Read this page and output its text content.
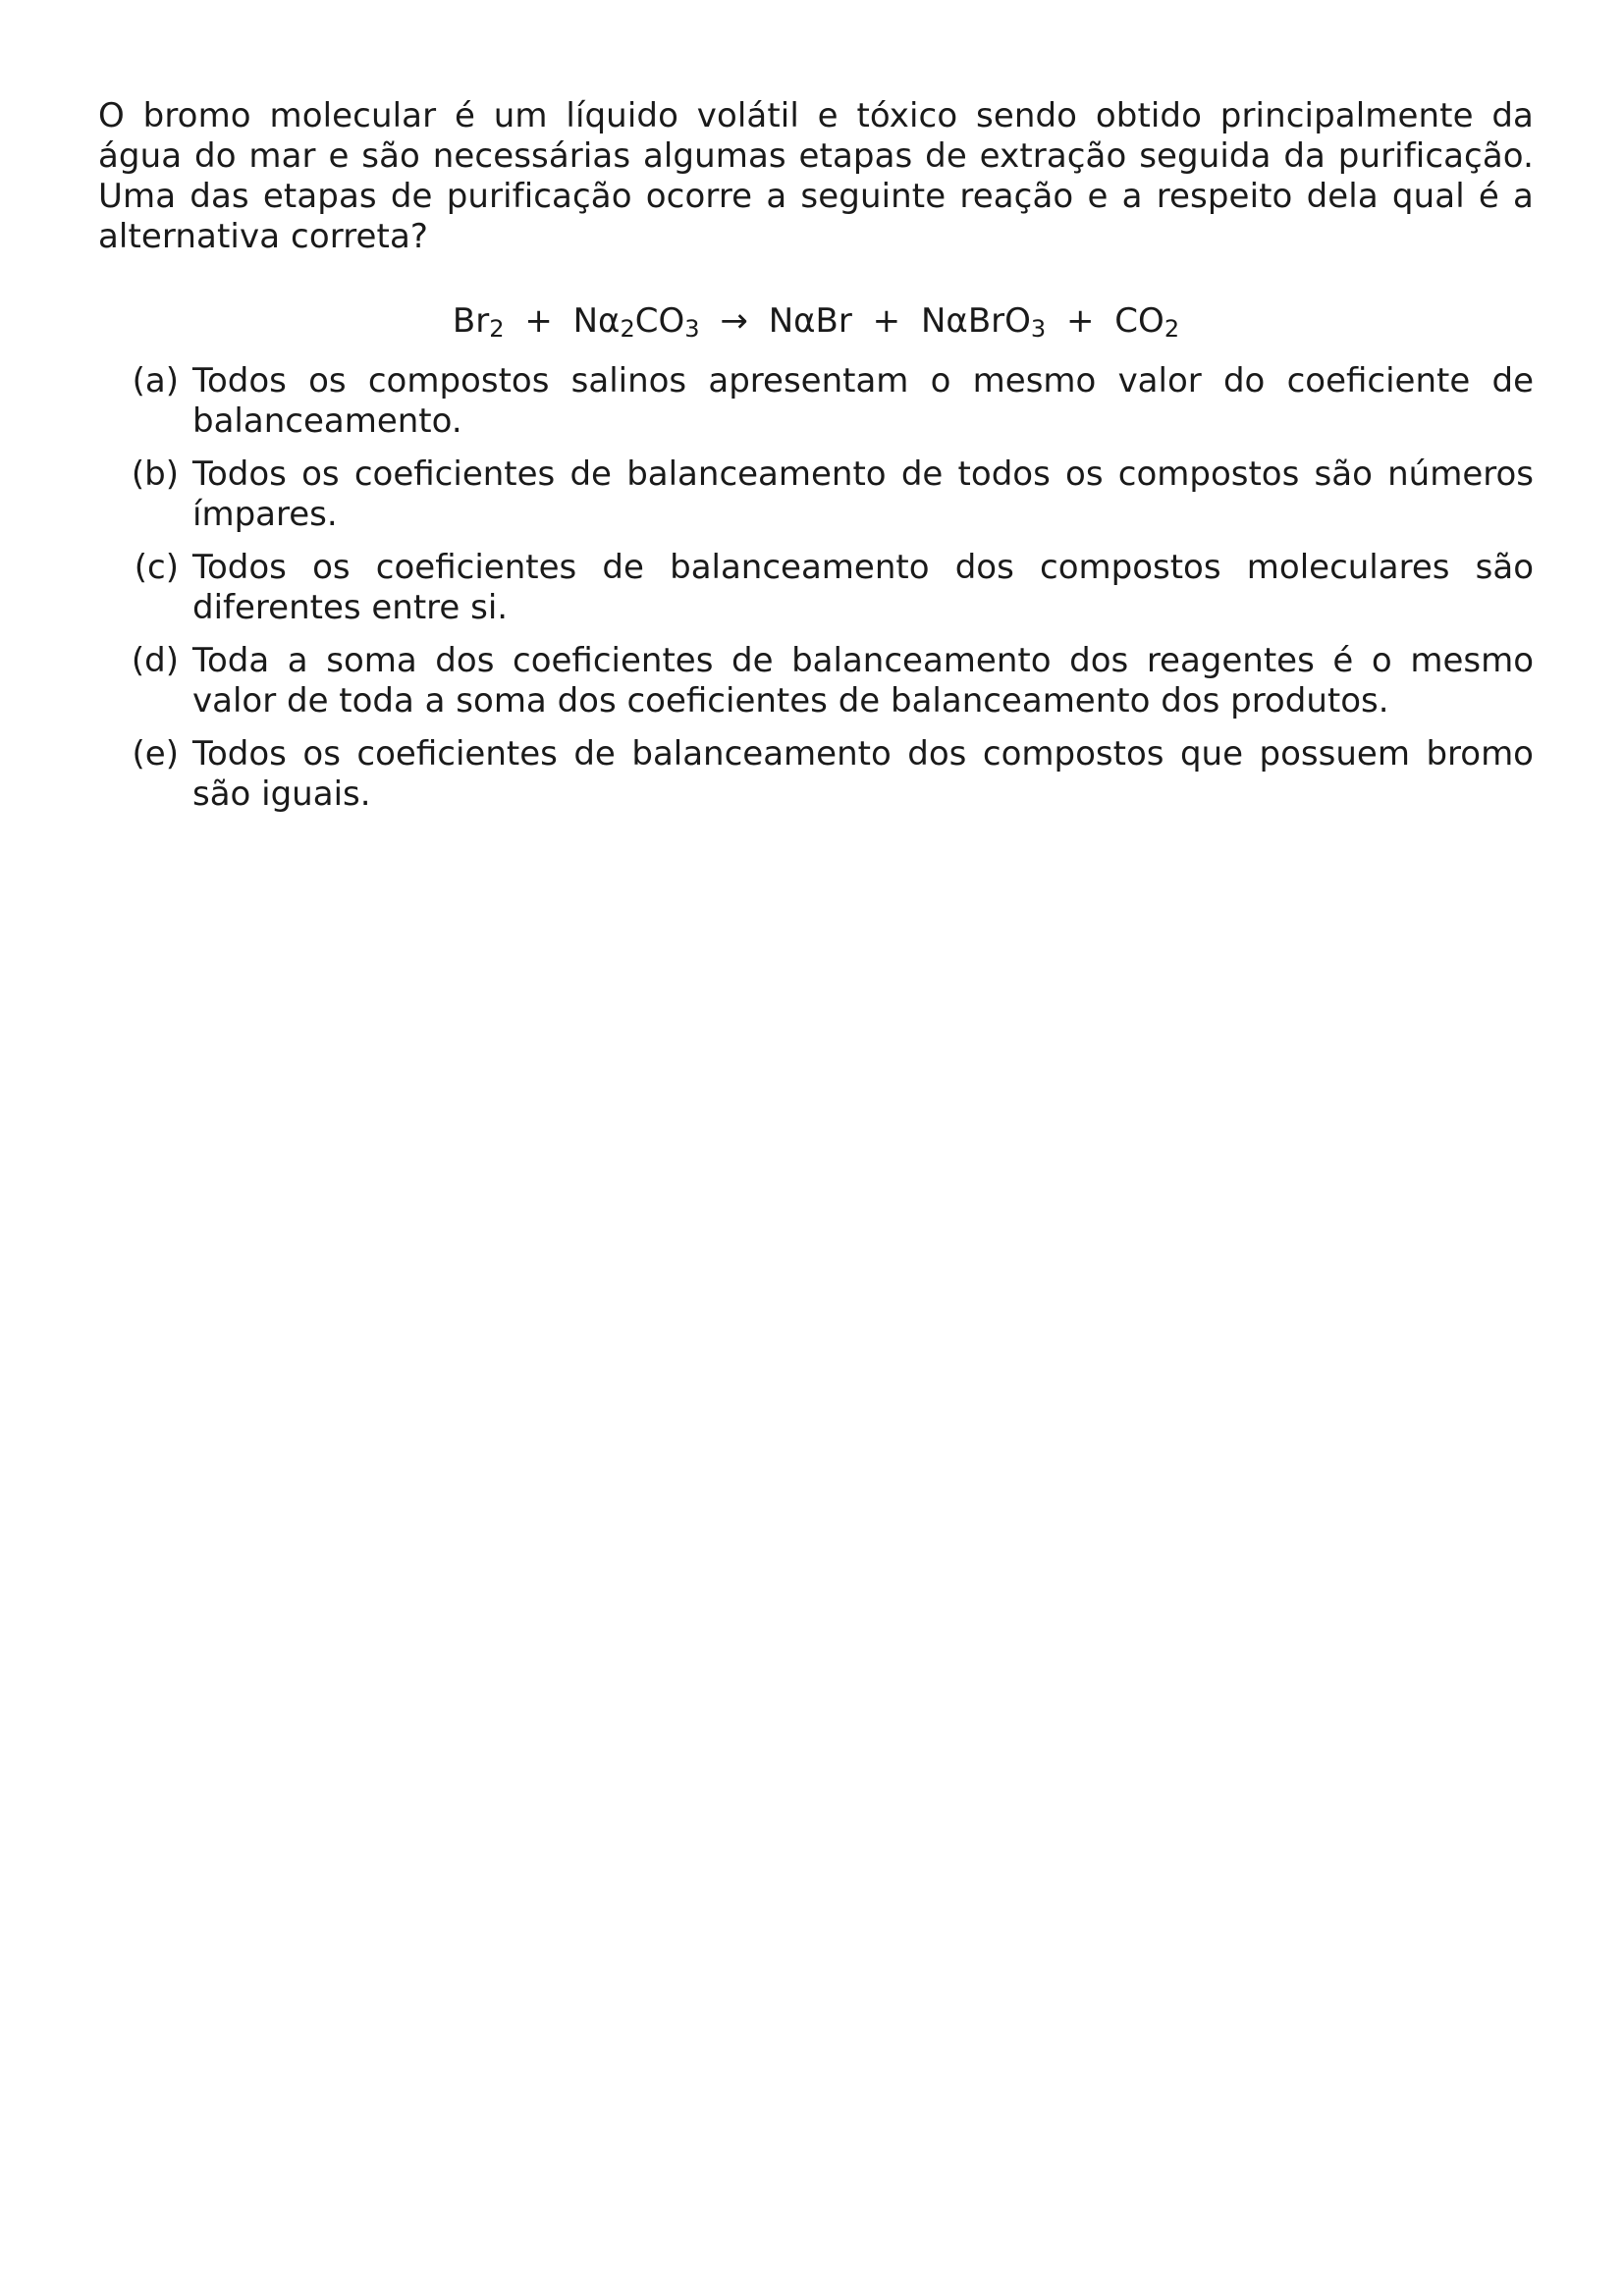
O bromo molecular é um líquido volátil e tóxico sendo obtido principalmente da água do mar e são necessárias algumas etapas de extração seguida da purificação. Uma das etapas de purificação ocorre a seguinte reação e a respeito dela qual é a alternativa correta?

$Br_2 + N\alpha_2CO_3 \to N\alpha Br + N\alpha BrO_3 + CO_2$
(a) Todos os compostos salinos apresentam o mesmo valor do coeficiente de balanceamento.
(b) Todos os coeficientes de balanceamento de todos os compostos são números ímpares.
(c) Todos os coeficientes de balanceamento dos compostos moleculares são diferentes entre si.
(d) Toda a soma dos coeficientes de balanceamento dos reagentes é o mesmo valor de toda a soma dos coeficientes de balanceamento dos produtos.
(e) Todos os coeficientes de balanceamento dos compostos que possuem bromo são iguais.
